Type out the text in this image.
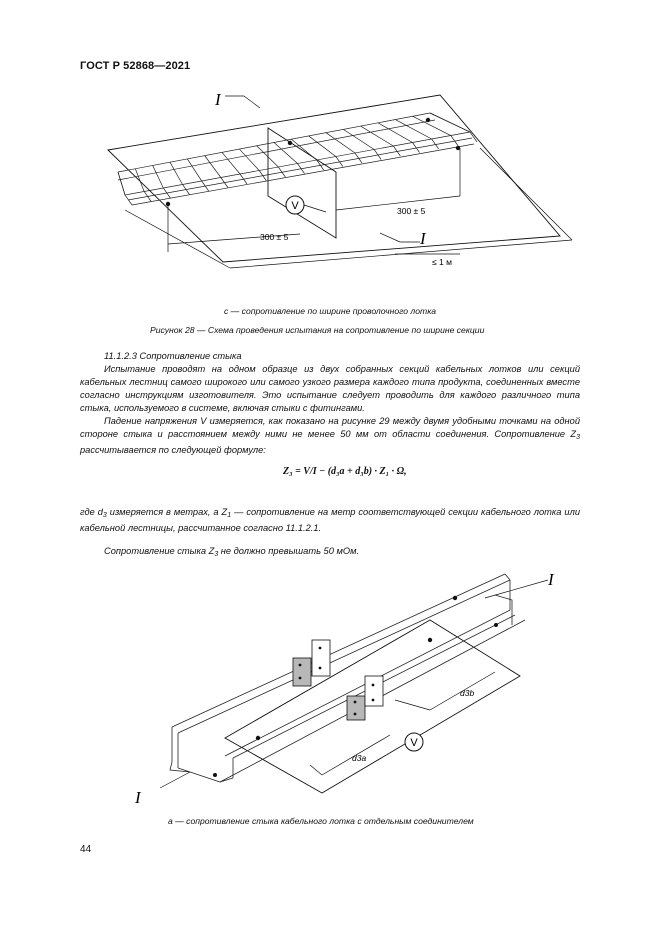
ГОСТ Р 52868—2021
V
I
I
300 ± 5
300 ± 5
≤ 1 м
с — сопротивление по ширине проволочного лотка
Рисунок 28 — Схема проведения испытания на сопротивление по ширине секции

11.1.2.3 Сопротивление стыка

Испытание проводят на одном образце из двух собранных секций кабельных лотков или секций кабельных лестниц самого широкого или самого узкого размера каждого типа продукта, соединенных вместе согласно инструкциям изготовителя. Это испытание следует проводить для каждого различного типа стыка, используемого в системе, включая стыки с фитингами.

Падение напряжения V измеряется, как показано на рисунке 29 между двумя удобными точками на одной стороне стыка и расстоянием между ними не менее 50 мм от области соединения. Сопротивление $Z_3$ рассчитывается по следующей формуле:

Z₃ = V/I − (d₃a + d₃b) · Z₁ · Ω,

где $d_3$ измеряется в метрах, а $Z_1$ — сопротивление на метр соответствующей секции кабельного лотка или кабельной лестницы, рассчитанное согласно 11.1.2.1.

Сопротивление стыка $Z_3$ не должно превышать 50 мОм.

V
I
I
d3b
d3a
a — сопротивление стыка кабельного лотка с отдельным соединителем
44
